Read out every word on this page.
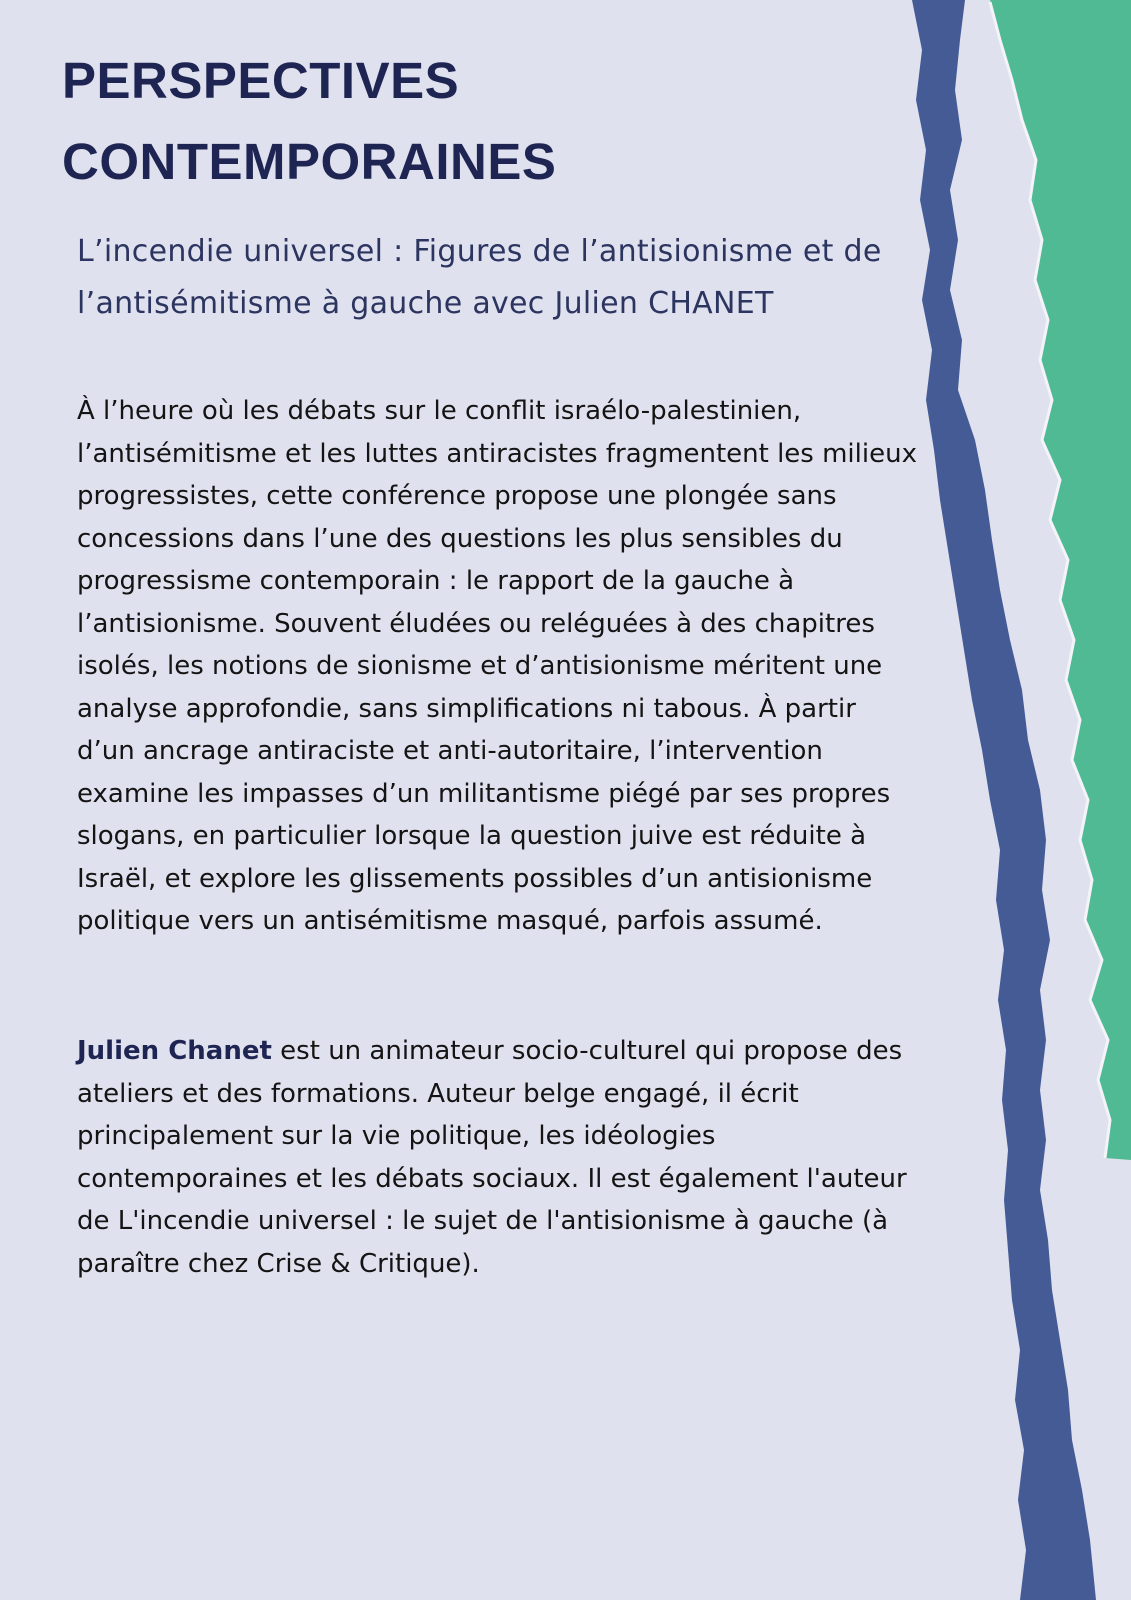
PERSPECTIVES CONTEMPORAINES

L’incendie universel : Figures de l’antisionisme et de l’antisémitisme à gauche avec Julien CHANET

À l’heure où les débats sur le conflit israélo-palestinien, l’antisémitisme et les luttes antiracistes fragmentent les milieux progressistes, cette conférence propose une plongée sans concessions dans l’une des questions les plus sensibles du progressisme contemporain : le rapport de la gauche à l’antisionisme. Souvent éludées ou reléguées à des chapitres isolés, les notions de sionisme et d’antisionisme méritent une analyse approfondie, sans simplifications ni tabous. À partir d’un ancrage antiraciste et anti-autoritaire, l’intervention examine les impasses d’un militantisme piégé par ses propres slogans, en particulier lorsque la question juive est réduite à Israël, et explore les glissements possibles d’un antisionisme politique vers un antisémitisme masqué, parfois assumé.

Julien Chanet est un animateur socio-culturel qui propose des ateliers et des formations. Auteur belge engagé, il écrit principalement sur la vie politique, les idéologies contemporaines et les débats sociaux. Il est également l'auteur de L'incendie universel : le sujet de l'antisionisme à gauche (à paraître chez Crise & Critique).
